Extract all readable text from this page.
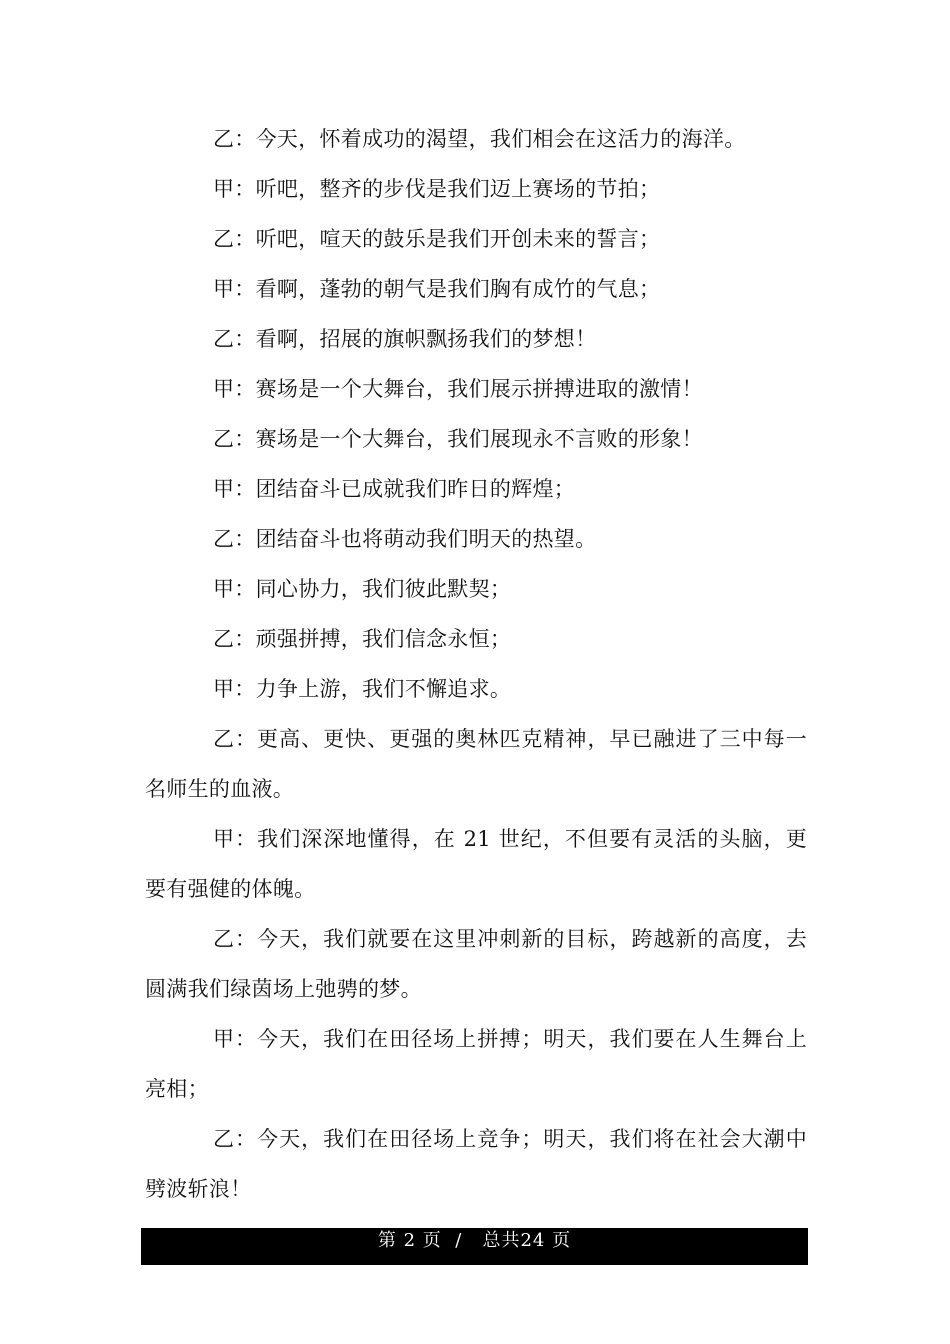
乙：今天，怀着成功的渴望，我们相会在这活力的海洋。

甲：听吧，整齐的步伐是我们迈上赛场的节拍；

乙：听吧，喧天的鼓乐是我们开创未来的誓言；

甲：看啊，蓬勃的朝气是我们胸有成竹的气息；

乙：看啊，招展的旗帜飘扬我们的梦想！

甲：赛场是一个大舞台，我们展示拼搏进取的激情！

乙：赛场是一个大舞台，我们展现永不言败的形象！

甲：团结奋斗已成就我们昨日的辉煌；

乙：团结奋斗也将萌动我们明天的热望。

甲：同心协力，我们彼此默契；

乙：顽强拼搏，我们信念永恒；

甲：力争上游，我们不懈追求。

乙：更高、更快、更强的奥林匹克精神，早已融进了三中每一名师生的血液。

甲：我们深深地懂得，在 21 世纪，不但要有灵活的头脑，更要有强健的体魄。

乙：今天，我们就要在这里冲刺新的目标，跨越新的高度，去圆满我们绿茵场上弛骋的梦。

甲：今天，我们在田径场上拼搏；明天，我们要在人生舞台上亮相；

乙：今天，我们在田径场上竞争；明天，我们将在社会大潮中劈波斩浪！

第 2 页  /   总共24 页
